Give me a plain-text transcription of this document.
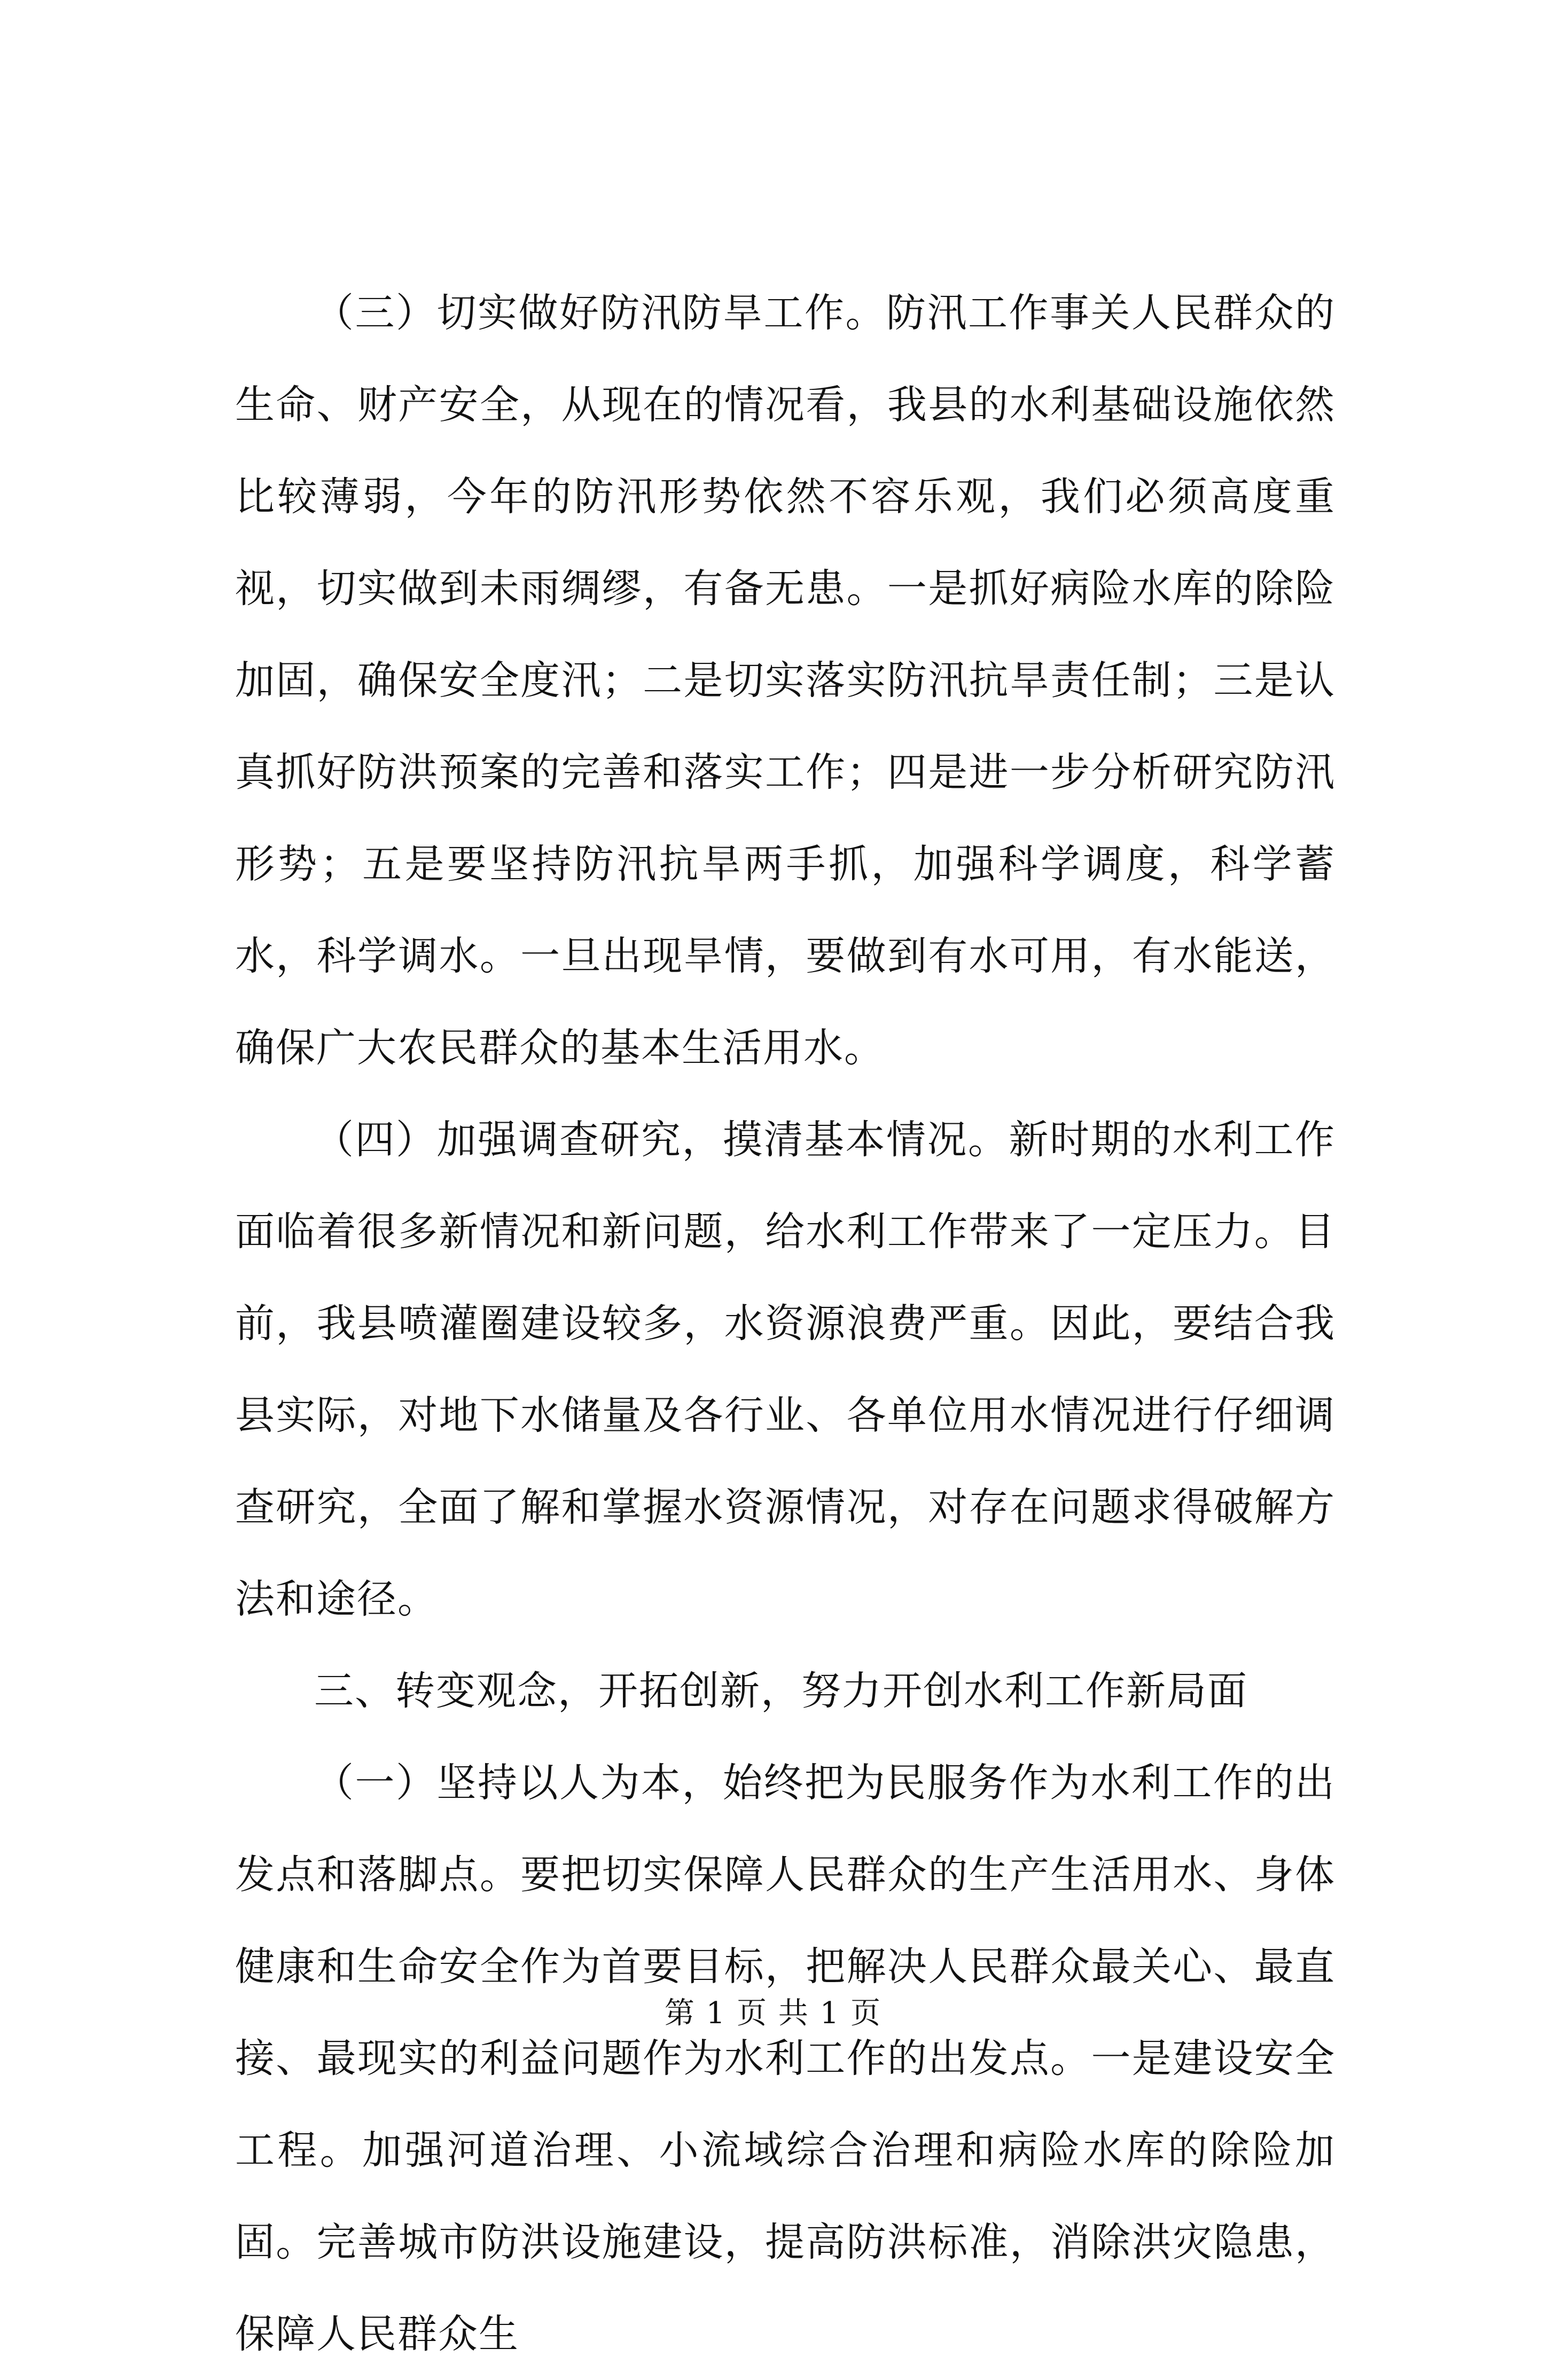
（三）切实做好防汛防旱工作。防汛工作事关人民群众的生命、财产安全，从现在的情况看，我县的水利基础设施依然比较薄弱，今年的防汛形势依然不容乐观，我们必须高度重视，切实做到未雨绸缪，有备无患。一是抓好病险水库的除险加固，确保安全度汛；二是切实落实防汛抗旱责任制；三是认真抓好防洪预案的完善和落实工作；四是进一步分析研究防汛形势；五是要坚持防汛抗旱两手抓，加强科学调度，科学蓄水，科学调水。一旦出现旱情，要做到有水可用，有水能送，确保广大农民群众的基本生活用水。

（四）加强调查研究，摸清基本情况。新时期的水利工作面临着很多新情况和新问题，给水利工作带来了一定压力。目前，我县喷灌圈建设较多，水资源浪费严重。因此，要结合我县实际，对地下水储量及各行业、各单位用水情况进行仔细调查研究，全面了解和掌握水资源情况，对存在问题求得破解方法和途径。

三、转变观念，开拓创新，努力开创水利工作新局面

（一）坚持以人为本，始终把为民服务作为水利工作的出发点和落脚点。要把切实保障人民群众的生产生活用水、身体健康和生命安全作为首要目标，把解决人民群众最关心、最直接、最现实的利益问题作为水利工作的出发点。一是建设安全工程。加强河道治理、小流域综合治理和病险水库的除险加固。完善城市防洪设施建设，提高防洪标准，消除洪灾隐患，保障人民群众生

第 1 页 共 1 页
